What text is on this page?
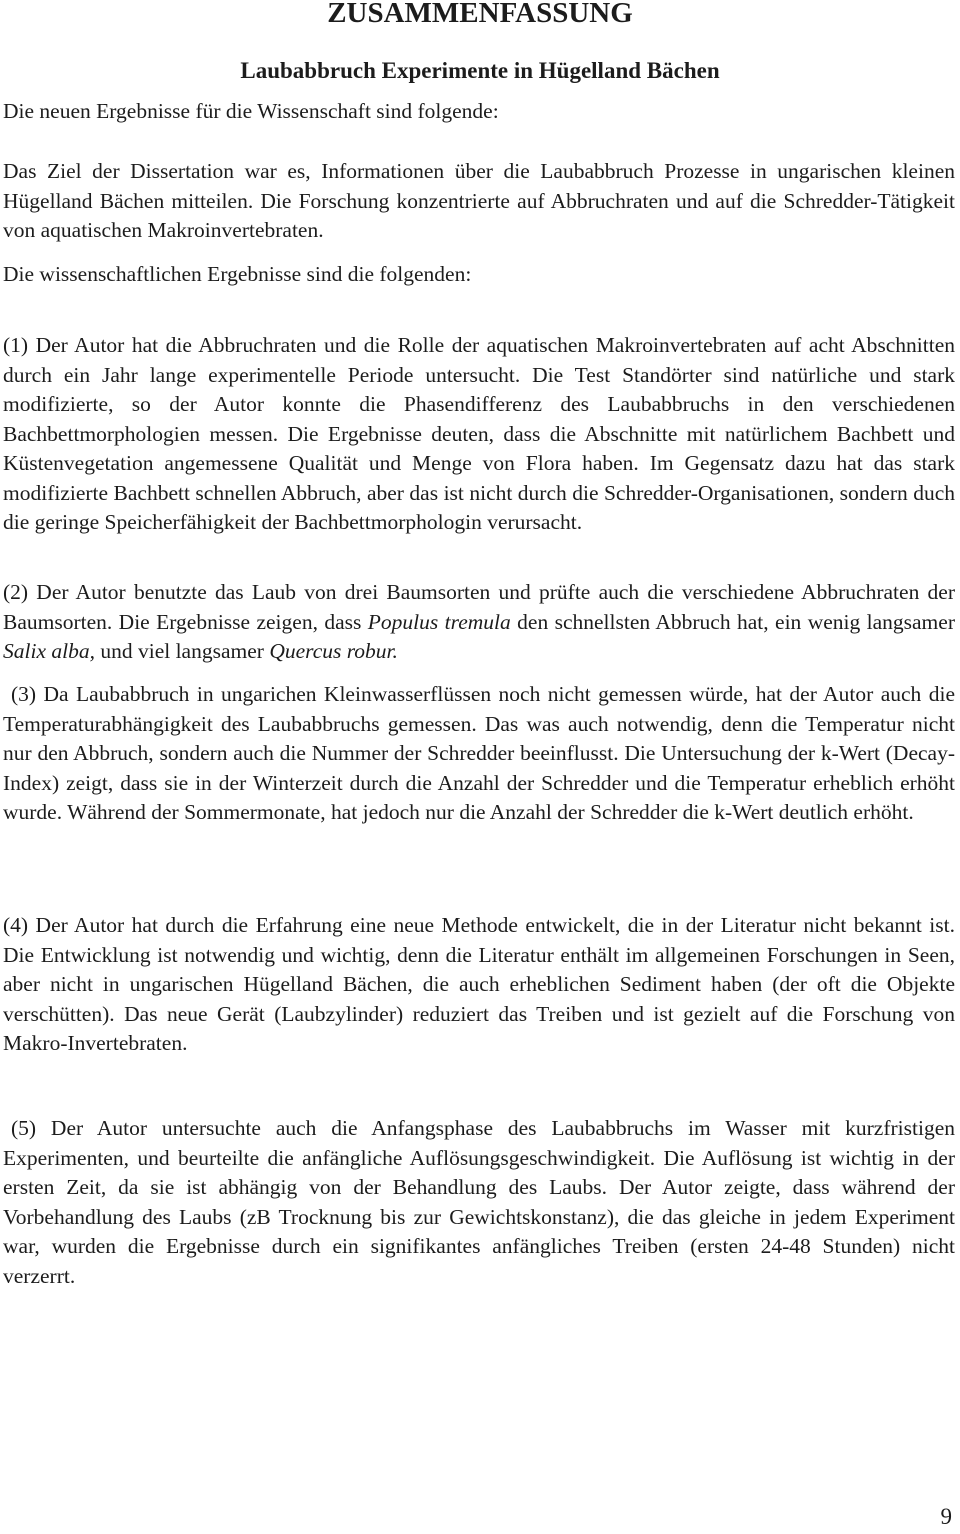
ZUSAMMENFASSUNG
Laubabbruch Experimente in Hügelland Bächen

Die neuen Ergebnisse für die Wissenschaft sind folgende:

Das Ziel der Dissertation war es, Informationen über die Laubabbruch Prozesse in ungarischen kleinen Hügelland Bächen mitteilen. Die Forschung konzentrierte auf Abbruchraten und auf die Schredder-Tätigkeit von aquatischen Makroinvertebraten.

Die wissenschaftlichen Ergebnisse sind die folgenden:

(1) Der Autor hat die Abbruchraten und die Rolle der aquatischen Makroinvertebraten auf acht Abschnitten durch ein Jahr lange experimentelle Periode untersucht. Die Test Standörter sind natürliche und stark modifizierte, so der Autor konnte die Phasendifferenz des Laubabbruchs in den verschiedenen Bachbettmorphologien messen. Die Ergebnisse deuten, dass die Abschnitte mit natürlichem Bachbett und Küstenvegetation angemessene Qualität und Menge von Flora haben. Im Gegensatz dazu hat das stark modifizierte Bachbett schnellen Abbruch, aber das ist nicht durch die Schredder-Organisationen, sondern duch die geringe Speicherfähigkeit der Bachbettmorphologin verursacht.

(2) Der Autor benutzte das Laub von drei Baumsorten und prüfte auch die verschiedene Abbruchraten der Baumsorten. Die Ergebnisse zeigen, dass Populus tremula den schnellsten Abbruch hat, ein wenig langsamer Salix alba, und viel langsamer Quercus robur.

(3) Da Laubabbruch in ungarichen Kleinwasserflüssen noch nicht gemessen würde, hat der Autor auch die Temperaturabhängigkeit des Laubabbruchs gemessen. Das was auch notwendig, denn die Temperatur nicht nur den Abbruch, sondern auch die Nummer der Schredder beeinflusst. Die Untersuchung der k-Wert (Decay-Index) zeigt, dass sie in der Winterzeit durch die Anzahl der Schredder und die Temperatur erheblich erhöht wurde. Während der Sommermonate, hat jedoch nur die Anzahl der Schredder die k-Wert deutlich erhöht.

(4) Der Autor hat durch die Erfahrung eine neue Methode entwickelt, die in der Literatur nicht bekannt ist. Die Entwicklung ist notwendig und wichtig, denn die Literatur enthält im allgemeinen Forschungen in Seen, aber nicht in ungarischen Hügelland Bächen, die auch erheblichen Sediment haben (der oft die Objekte verschütten). Das neue Gerät (Laubzylinder) reduziert das Treiben und ist gezielt auf die Forschung von Makro-Invertebraten.

(5) Der Autor untersuchte auch die Anfangsphase des Laubabbruchs im Wasser mit kurzfristigen Experimenten, und beurteilte die anfängliche Auflösungsgeschwindigkeit. Die Auflösung ist wichtig in der ersten Zeit, da sie ist abhängig von der Behandlung des Laubs. Der Autor zeigte, dass während der Vorbehandlung des Laubs (zB Trocknung bis zur Gewichtskonstanz), die das gleiche in jedem Experiment war, wurden die Ergebnisse durch ein signifikantes anfängliches Treiben (ersten 24-48 Stunden) nicht verzerrt.

9
